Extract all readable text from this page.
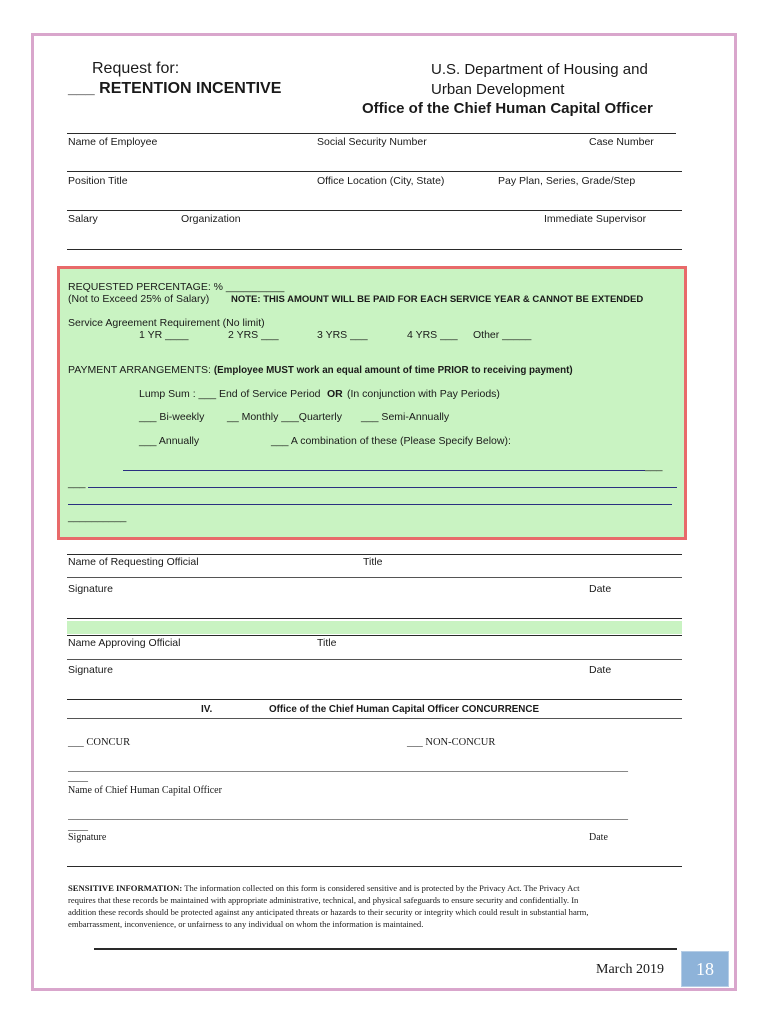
Request for:
___ RETENTION INCENTIVE
U.S. Department of Housing and
Urban Development
Office of the Chief Human Capital Officer
Name of Employee	Social Security Number	Case Number
Position Title	Office Location (City, State)	Pay Plan, Series, Grade/Step
Salary	Organization	Immediate Supervisor
REQUESTED PERCENTAGE: % __________
(Not to Exceed 25% of Salary) NOTE: THIS AMOUNT WILL BE PAID FOR EACH SERVICE YEAR & CANNOT BE EXTENDED
Service Agreement Requirement (No limit)
1 YR ____	2 YRS ___	3 YRS ___	4 YRS ___ Other _____
PAYMENT ARRANGEMENTS: (Employee MUST work an equal amount of time PRIOR to receiving payment)
Lump Sum : ___ End of Service Period OR (In conjunction with Pay Periods)
___ Bi-weekly __ Monthly ___Quarterly ___ Semi-Annually
___ Annually	___ A combination of these (Please Specify Below):
___
___
__________
Name of Requesting Official	Title
Signature	Date
Name Approving Official	Title
Signature	Date
IV.	Office of the Chief Human Capital Officer CONCURRENCE
___ CONCUR	___ NON-CONCUR
________________________________________________________________________________________________________________
____
Name of Chief Human Capital Officer
________________________________________________________________________________________________________________
____
Signature	Date
SENSITIVE INFORMATION: The information collected on this form is considered sensitive and is protected by the Privacy Act. The Privacy Act
requires that these records be maintained with appropriate administrative, technical, and physical safeguards to ensure security and confidentially. In
addition these records should be protected against any anticipated threats or hazards to their security or integrity which could result in substantial harm,
embarrassment, inconvenience, or unfairness to any individual on whom the information is maintained.
March 2019	18
